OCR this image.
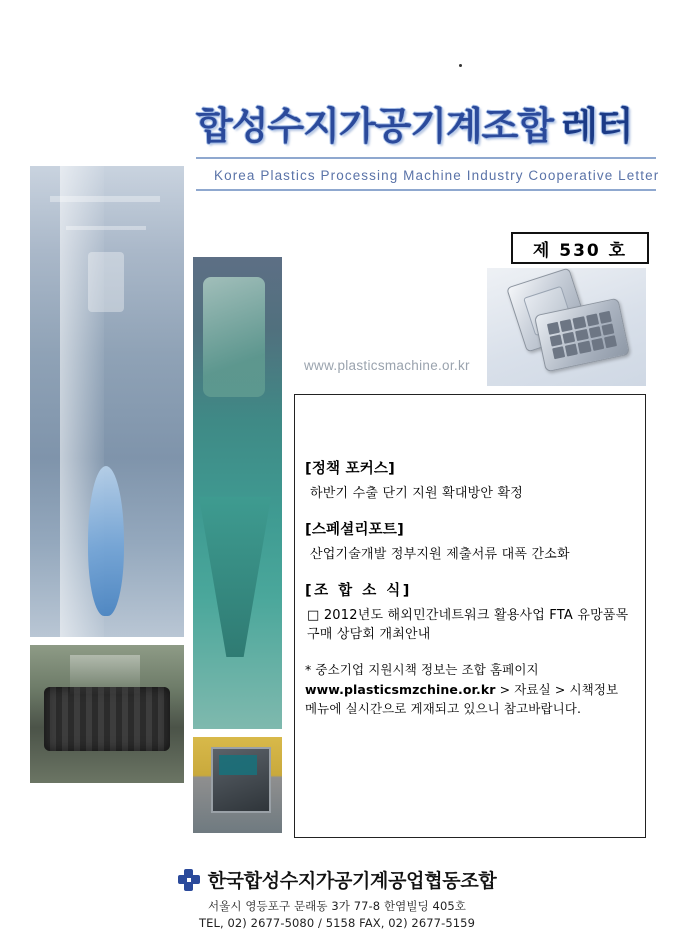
합성수지가공기계조합 레터
Korea Plastics Processing Machine Industry Cooperative Letter
제 530 호
www.plasticsmachine.or.kr
[정책 포커스]
하반기 수출 단기 지원 확대방안 확정
[스페셜리포트]
산업기술개발 정부지원 제출서류 대폭 간소화
[조 합 소 식]
□ 2012년도 해외민간네트워크 활용사업 FTA 유망품목 구매 상담회 개최안내
* 중소기업 지원시책 정보는 조합 홈페이지
www.plasticsmzchine.or.kr > 자료실 > 시책정보
메뉴에 실시간으로 게재되고 있으니 참고바랍니다.
한국합성수지가공기계공업협동조합
서울시 영등포구 문래동 3가 77-8 한염빌딩 405호
TEL, 02) 2677-5080 / 5158 FAX, 02) 2677-5159
